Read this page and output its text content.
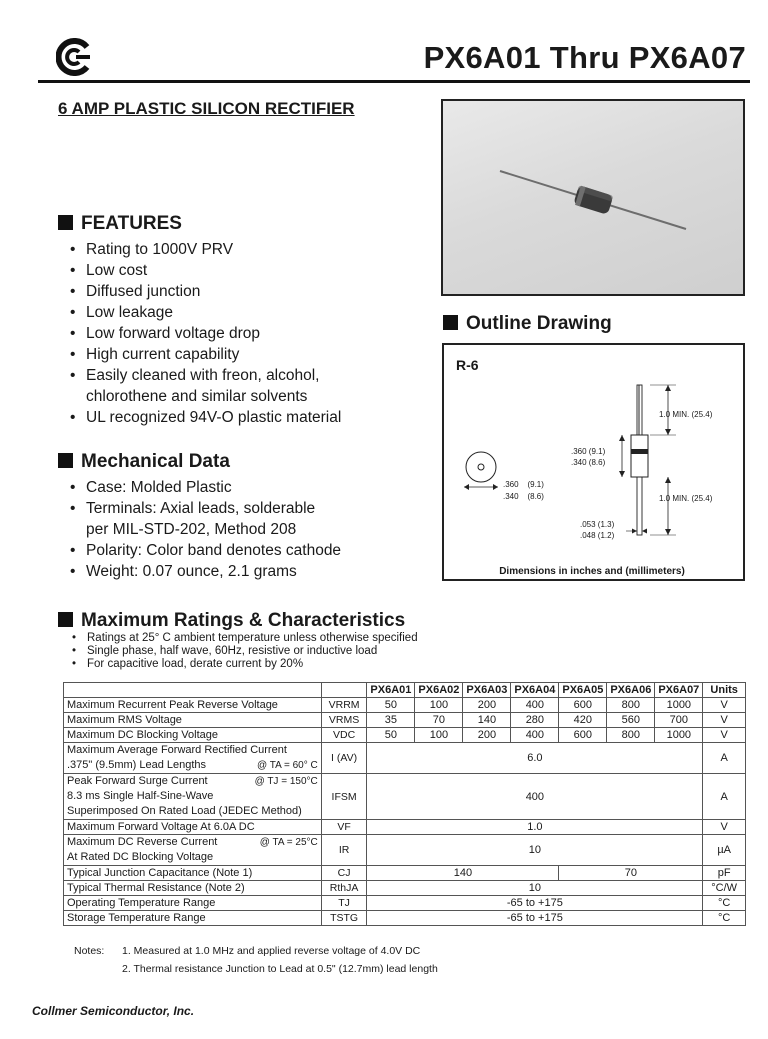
PX6A01 Thru PX6A07
6 AMP PLASTIC SILICON RECTIFIER
FEATURES
• Rating to 1000V PRV
• Low cost
• Diffused junction
• Low leakage
• Low forward voltage drop
• High current capability
• Easily cleaned with freon, alcohol,
chlorothene and similar solvents
• UL recognized 94V-O plastic material
Mechanical Data
• Case: Molded Plastic
• Terminals: Axial leads, solderable
per MIL-STD-202, Method 208
• Polarity: Color band denotes cathode
• Weight: 0.07 ounce, 2.1 grams
Outline Drawing
R-6
1.0 MIN. (25.4)
.360 (9.1)
.340 (8.6)
.360    (9.1)
.340    (8.6)	1.0 MIN. (25.4)
.053 (1.3)
.048 (1.2)
Dimensions in inches and (millimeters)
Maximum Ratings & Characteristics
• Ratings at 25° C ambient temperature unless otherwise specified
• Single phase, half wave, 60Hz, resistive or inductive load
• For capacitive load, derate current by 20%
		PX6A01	PX6A02	PX6A03	PX6A04	PX6A05	PX6A06	PX6A07	Units
Maximum Recurrent Peak Reverse Voltage	VRRM	50	100	200	400	600	800	1000	V
Maximum RMS Voltage	VRMS	35	70	140	280	420	560	700	V
Maximum DC Blocking Voltage	VDC	50	100	200	400	600	800	1000	V

Maximum Average Forward Rectified Current
.375" (9.5mm) Lead Lengths @ TA = 60° C	I (AV)	6.0							A

Peak Forward Surge Current @ TJ = 150°C
8.3 ms Single Half-Sine-Wave
Superimposed On Rated Load (JEDEC Method)	IFSM	400							A
Maximum Forward Voltage At 6.0A DC	VF	1.0							V

Maximum DC Reverse Current @ TA = 25°C
At Rated DC Blocking Voltage	IR	10							µA
Typical Junction Capacitance (Note 1)	CJ	140				70			pF
Typical Thermal Resistance (Note 2)	RthJA	10							°C/W
Operating Temperature Range	TJ	-65 to +175							°C
Storage Temperature Range	TSTG	-65 to +175							°C
Notes: 1. Measured at 1.0 MHz and applied reverse voltage of 4.0V DC
2. Thermal resistance Junction to Lead at 0.5" (12.7mm) lead length
Collmer Semiconductor, Inc.
